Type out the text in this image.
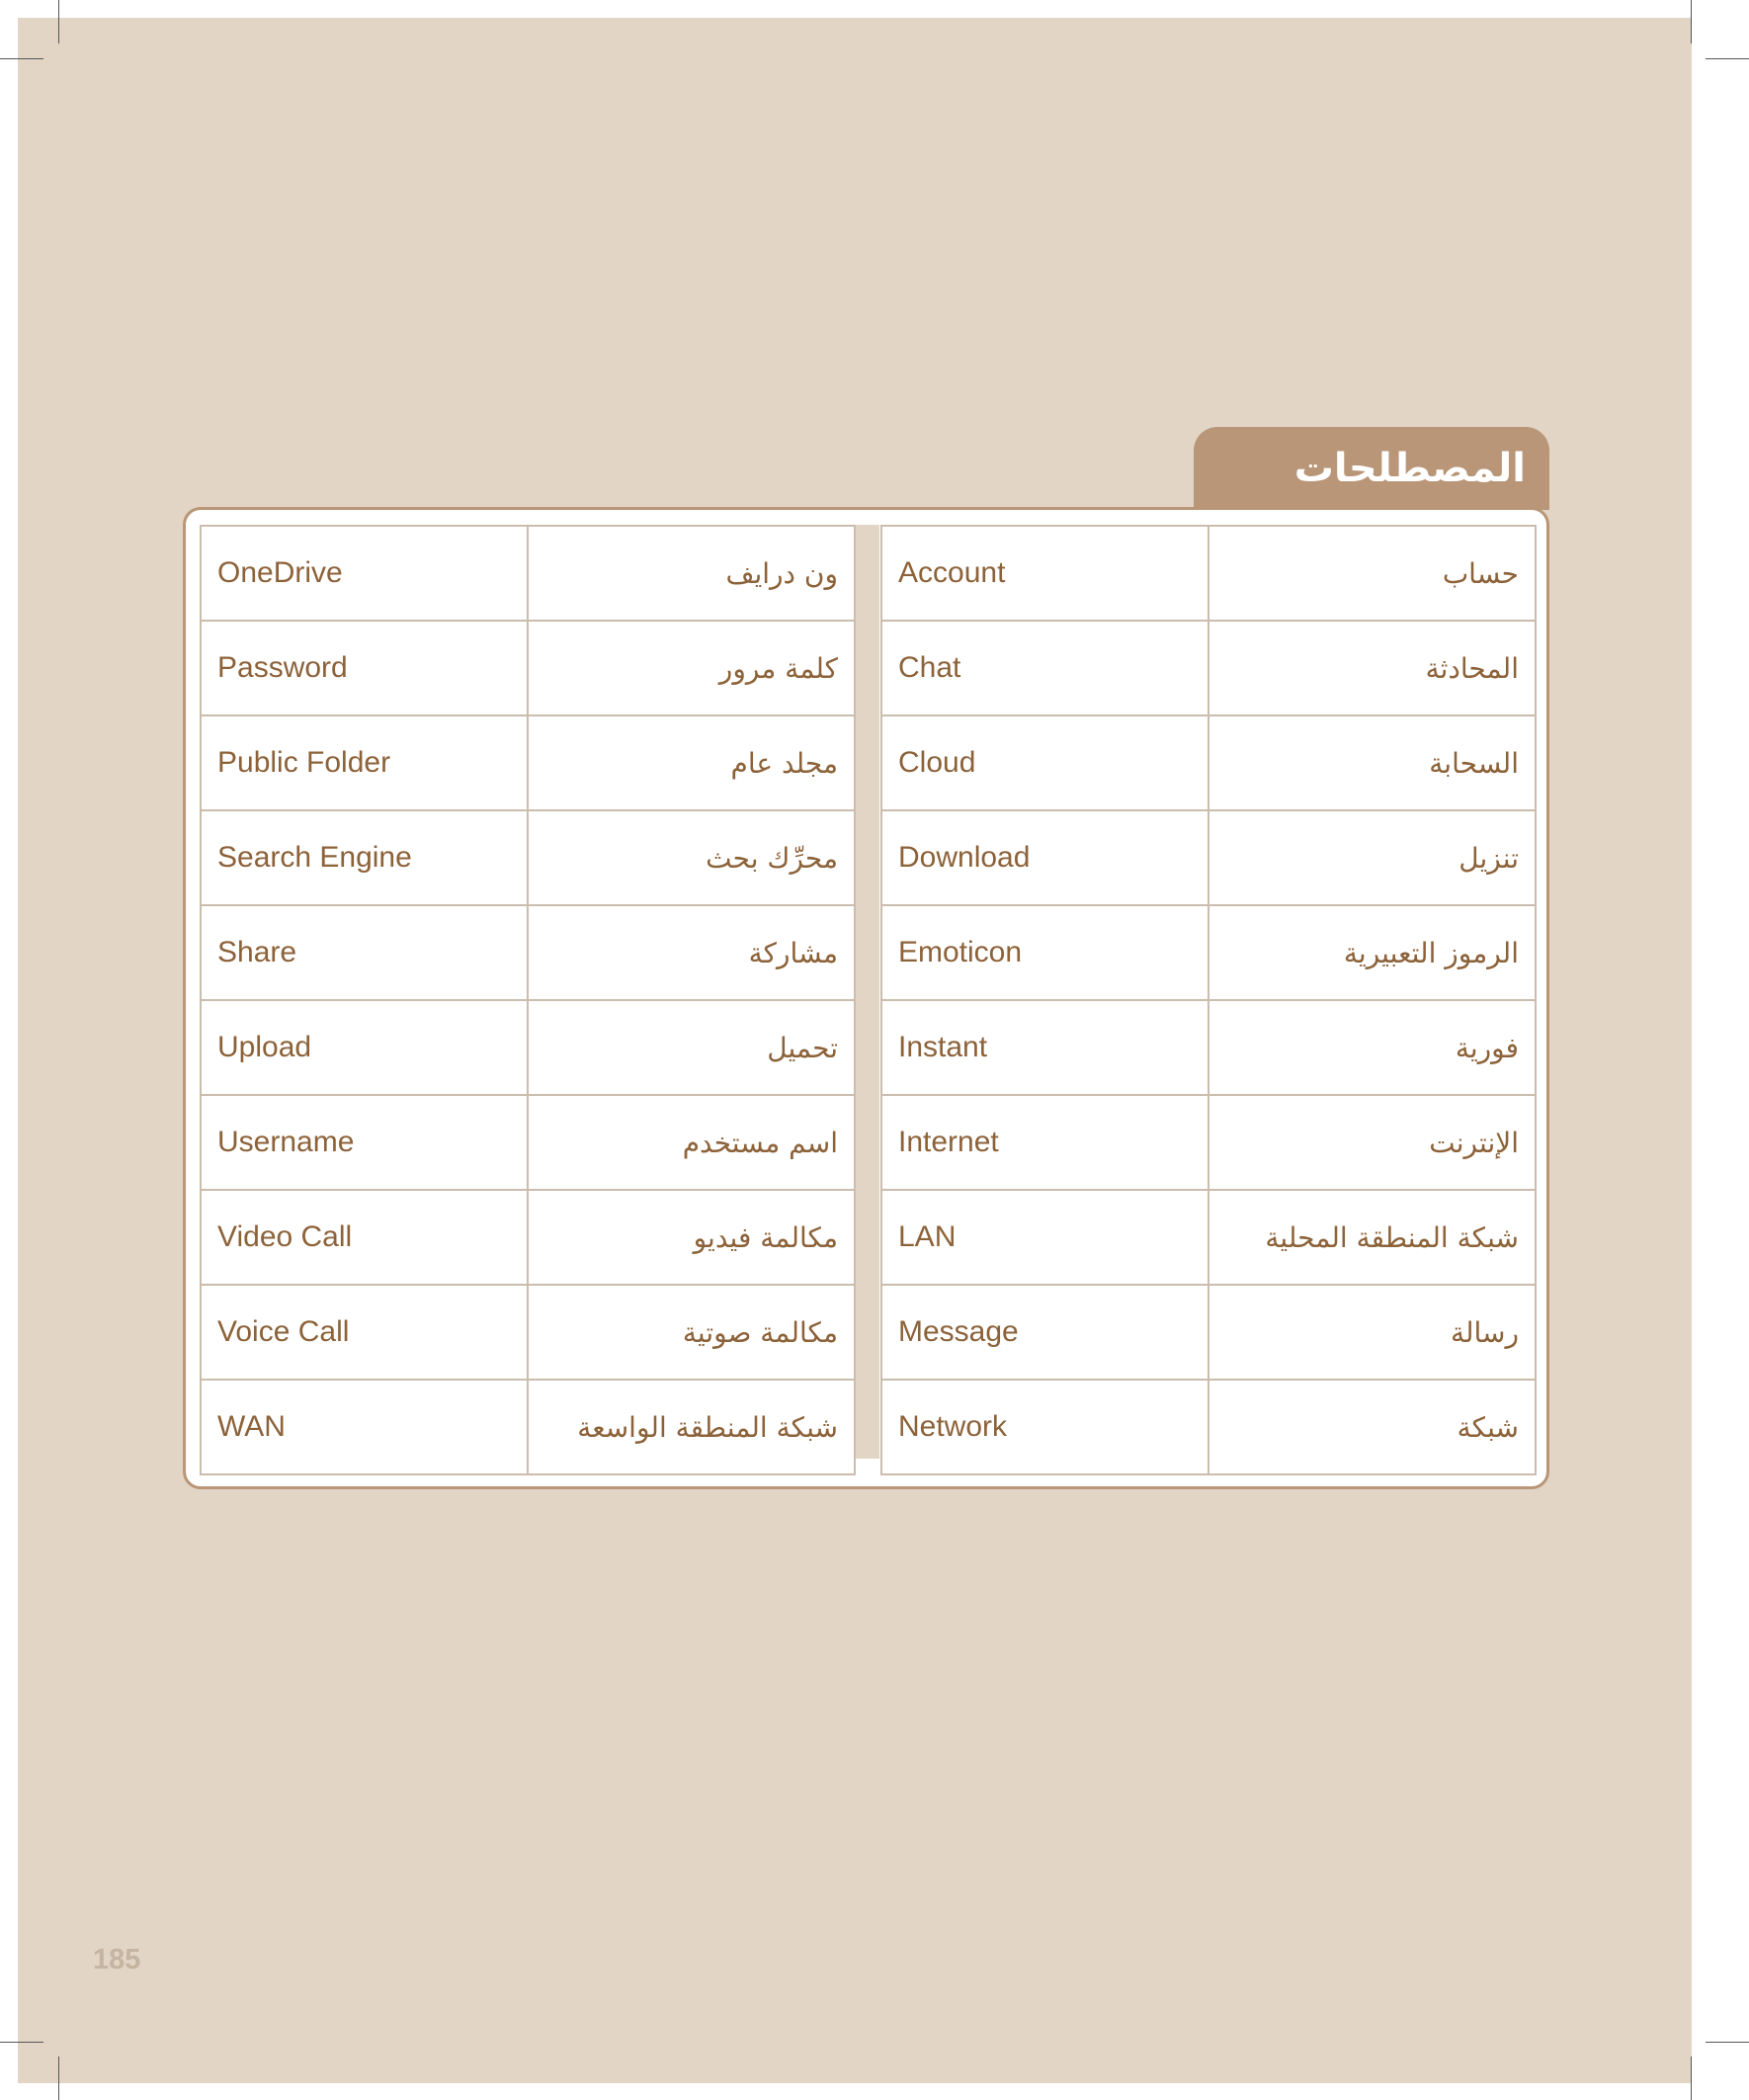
المصطلحات
OneDrive	ون درايف
Password	كلمة مرور
Public Folder	مجلد عام
Search Engine	محرِّك بحث
Share	مشاركة
Upload	تحميل
Username	اسم مستخدم
Video Call	مكالمة فيديو
Voice Call	مكالمة صوتية
WAN	شبكة المنطقة الواسعة
Account	حساب
Chat	المحادثة
Cloud	السحابة
Download	تنزيل
Emoticon	الرموز التعبيرية
Instant	فورية
Internet	الإنترنت
LAN	شبكة المنطقة المحلية
Message	رسالة
Network	شبكة
185
